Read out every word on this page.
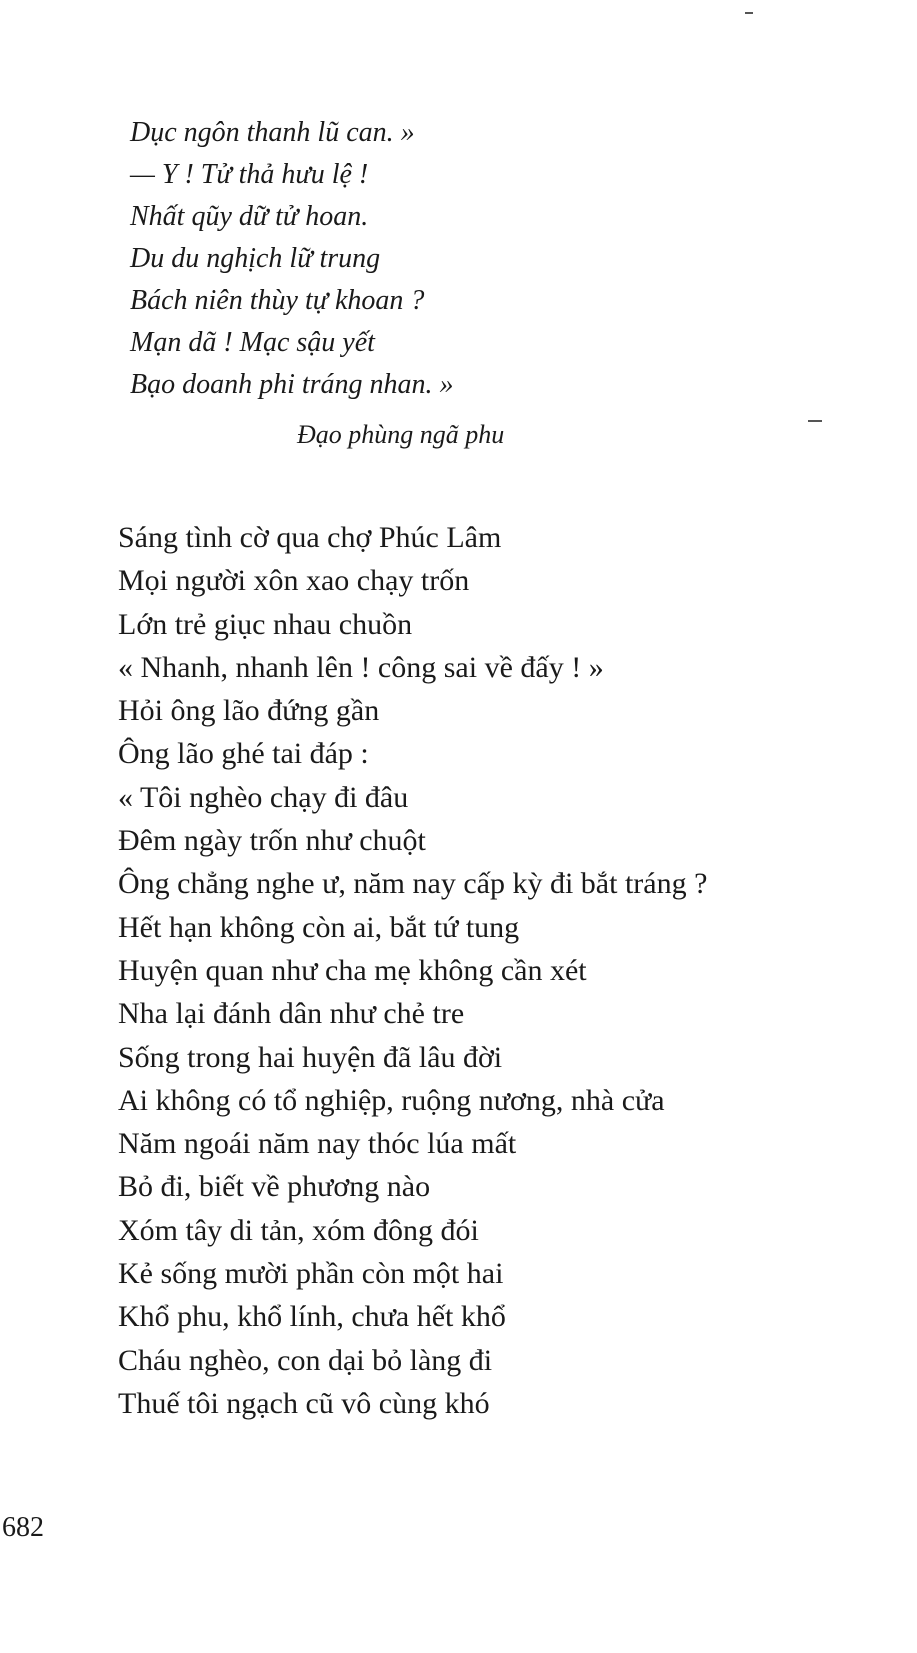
Dục ngôn thanh lũ can. »
— Y ! Tử thả hưu lệ !
Nhất qũy dữ tử hoan.
Du du nghịch lữ trung
Bách niên thùy tự khoan ?
Mạn dã ! Mạc sậu yết
Bạo doanh phi tráng nhan. »
Đạo phùng ngã phu
Sáng tình cờ qua chợ Phúc Lâm
Mọi người xôn xao chạy trốn
Lớn trẻ giục nhau chuồn
« Nhanh, nhanh lên ! công sai về đấy ! »
Hỏi ông lão đứng gần
Ông lão ghé tai đáp :
« Tôi nghèo chạy đi đâu
Đêm ngày trốn như chuột
Ông chẳng nghe ư, năm nay cấp kỳ đi bắt tráng ?
Hết hạn không còn ai, bắt tứ tung
Huyện quan như cha mẹ không cần xét
Nha lại đánh dân như chẻ tre
Sống trong hai huyện đã lâu đời
Ai không có tổ nghiệp, ruộng nương, nhà cửa
Năm ngoái năm nay thóc lúa mất
Bỏ đi, biết về phương nào
Xóm tây di tản, xóm đông đói
Kẻ sống mười phần còn một hai
Khổ phu, khổ lính, chưa hết khổ
Cháu nghèo, con dại bỏ làng đi
Thuế tôi ngạch cũ vô cùng khó
682
